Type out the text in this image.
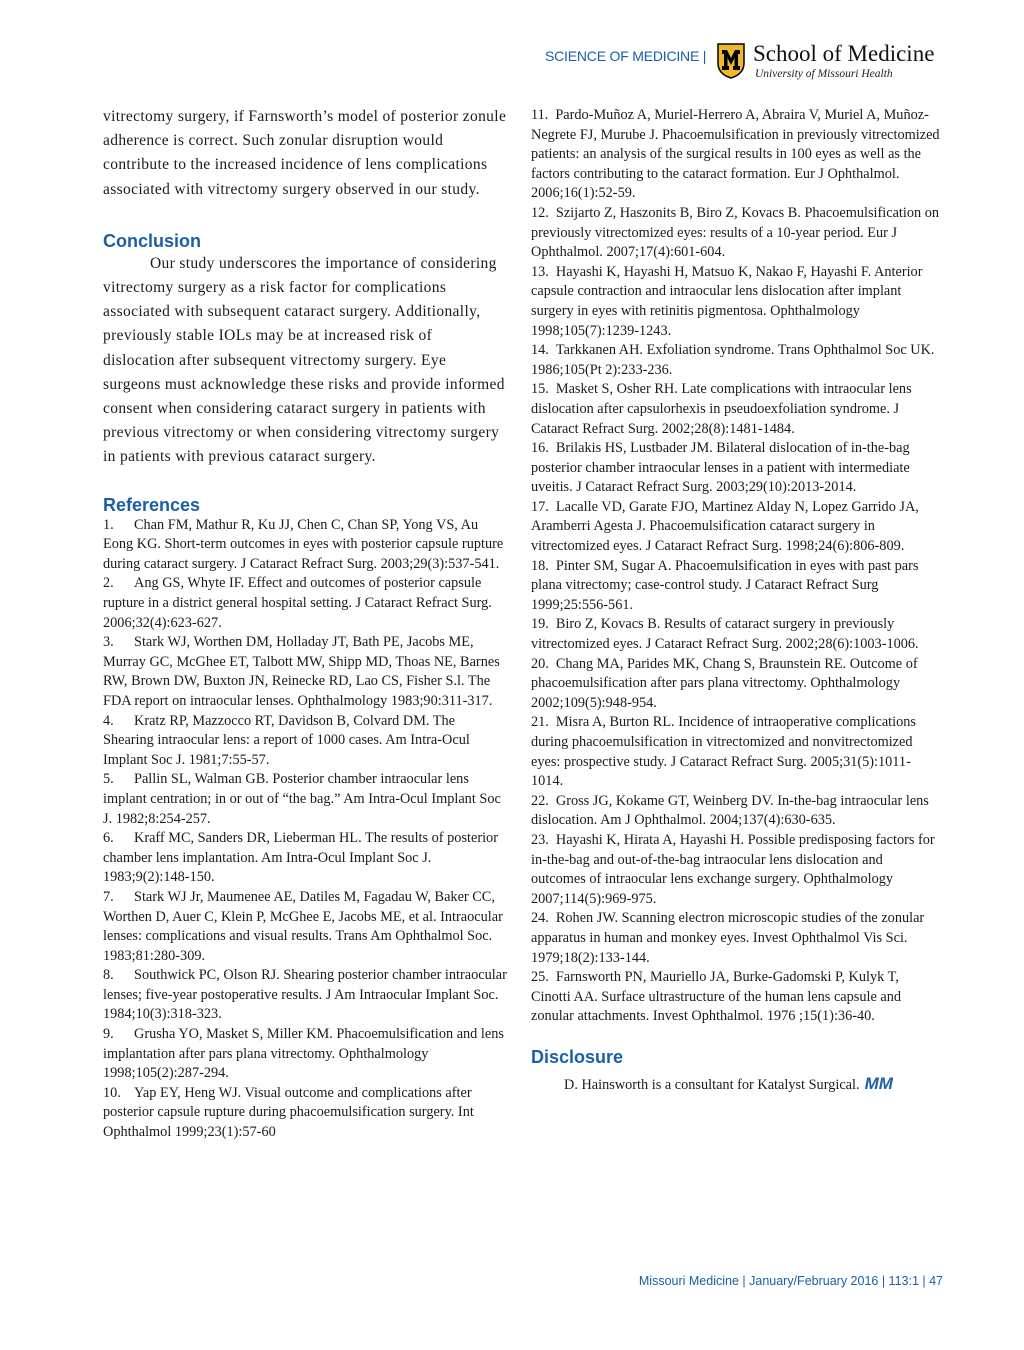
SCIENCE OF MEDICINE | School of Medicine
University of Missouri Health

vitrectomy surgery, if Farnsworth’s model of posterior zonule adherence is correct. Such zonular disruption would contribute to the increased incidence of lens complications associated with vitrectomy surgery observed in our study.

Conclusion

Our study underscores the importance of considering vitrectomy surgery as a risk factor for complications associated with subsequent cataract surgery. Additionally, previously stable IOLs may be at increased risk of dislocation after subsequent vitrectomy surgery. Eye surgeons must acknowledge these risks and provide informed consent when considering cataract surgery in patients with previous vitrectomy or when considering vitrectomy surgery in patients with previous cataract surgery.

References

1. Chan FM, Mathur R, Ku JJ, Chen C, Chan SP, Yong VS, Au Eong KG. Short-term outcomes in eyes with posterior capsule rupture during cataract surgery. J Cataract Refract Surg. 2003;29(3):537-541.

2. Ang GS, Whyte IF. Effect and outcomes of posterior capsule rupture in a district general hospital setting. J Cataract Refract Surg. 2006;32(4):623-627.

3. Stark WJ, Worthen DM, Holladay JT, Bath PE, Jacobs ME, Murray GC, McGhee ET, Talbott MW, Shipp MD, Thoas NE, Barnes RW, Brown DW, Buxton JN, Reinecke RD, Lao CS, Fisher S.l. The FDA report on intraocular lenses. Ophthalmology 1983;90:311-317.

4. Kratz RP, Mazzocco RT, Davidson B, Colvard DM. The Shearing intraocular lens: a report of 1000 cases. Am Intra-Ocul Implant Soc J. 1981;7:55-57.

5. Pallin SL, Walman GB. Posterior chamber intraocular lens implant centration; in or out of “the bag.” Am Intra-Ocul Implant Soc J. 1982;8:254-257.

6. Kraff MC, Sanders DR, Lieberman HL. The results of posterior chamber lens implantation. Am Intra-Ocul Implant Soc J. 1983;9(2):148-150.

7. Stark WJ Jr, Maumenee AE, Datiles M, Fagadau W, Baker CC, Worthen D, Auer C, Klein P, McGhee E, Jacobs ME, et al. Intraocular lenses: complications and visual results. Trans Am Ophthalmol Soc. 1983;81:280-309.

8. Southwick PC, Olson RJ. Shearing posterior chamber intraocular lenses; five-year postoperative results. J Am Intraocular Implant Soc. 1984;10(3):318-323.

9. Grusha YO, Masket S, Miller KM. Phacoemulsification and lens implantation after pars plana vitrectomy. Ophthalmology 1998;105(2):287-294.

10. Yap EY, Heng WJ. Visual outcome and complications after posterior capsule rupture during phacoemulsification surgery. Int Ophthalmol 1999;23(1):57-60

11. Pardo-Muñoz A, Muriel-Herrero A, Abraira V, Muriel A, Muñoz-Negrete FJ, Murube J. Phacoemulsification in previously vitrectomized patients: an analysis of the surgical results in 100 eyes as well as the factors contributing to the cataract formation. Eur J Ophthalmol. 2006;16(1):52-59.

12. Szijarto Z, Haszonits B, Biro Z, Kovacs B. Phacoemulsification on previously vitrectomized eyes: results of a 10-year period. Eur J Ophthalmol. 2007;17(4):601-604.

13. Hayashi K, Hayashi H, Matsuo K, Nakao F, Hayashi F. Anterior capsule contraction and intraocular lens dislocation after implant surgery in eyes with retinitis pigmentosa. Ophthalmology 1998;105(7):1239-1243.

14. Tarkkanen AH. Exfoliation syndrome. Trans Ophthalmol Soc UK. 1986;105(Pt 2):233-236.

15. Masket S, Osher RH. Late complications with intraocular lens dislocation after capsulorhexis in pseudoexfoliation syndrome. J Cataract Refract Surg. 2002;28(8):1481-1484.

16. Brilakis HS, Lustbader JM. Bilateral dislocation of in-the-bag posterior chamber intraocular lenses in a patient with intermediate uveitis. J Cataract Refract Surg. 2003;29(10):2013-2014.

17. Lacalle VD, Garate FJO, Martinez Alday N, Lopez Garrido JA, Aramberri Agesta J. Phacoemulsification cataract surgery in vitrectomized eyes. J Cataract Refract Surg. 1998;24(6):806-809.

18. Pinter SM, Sugar A. Phacoemulsification in eyes with past pars plana vitrectomy; case-control study. J Cataract Refract Surg 1999;25:556-561.

19. Biro Z, Kovacs B. Results of cataract surgery in previously vitrectomized eyes. J Cataract Refract Surg. 2002;28(6):1003-1006.

20. Chang MA, Parides MK, Chang S, Braunstein RE. Outcome of phacoemulsification after pars plana vitrectomy. Ophthalmology 2002;109(5):948-954.

21. Misra A, Burton RL. Incidence of intraoperative complications during phacoemulsification in vitrectomized and nonvitrectomized eyes: prospective study. J Cataract Refract Surg. 2005;31(5):1011-1014.

22. Gross JG, Kokame GT, Weinberg DV. In-the-bag intraocular lens dislocation. Am J Ophthalmol. 2004;137(4):630-635.

23. Hayashi K, Hirata A, Hayashi H. Possible predisposing factors for in-the-bag and out-of-the-bag intraocular lens dislocation and outcomes of intraocular lens exchange surgery. Ophthalmology 2007;114(5):969-975.

24. Rohen JW. Scanning electron microscopic studies of the zonular apparatus in human and monkey eyes. Invest Ophthalmol Vis Sci. 1979;18(2):133-144.

25. Farnsworth PN, Mauriello JA, Burke-Gadomski P, Kulyk T, Cinotti AA. Surface ultrastructure of the human lens capsule and zonular attachments. Invest Ophthalmol. 1976 ;15(1):36-40.

Disclosure

D. Hainsworth is a consultant for Katalyst Surgical. MM

Missouri Medicine | January/February 2016 | 113:1 | 47
